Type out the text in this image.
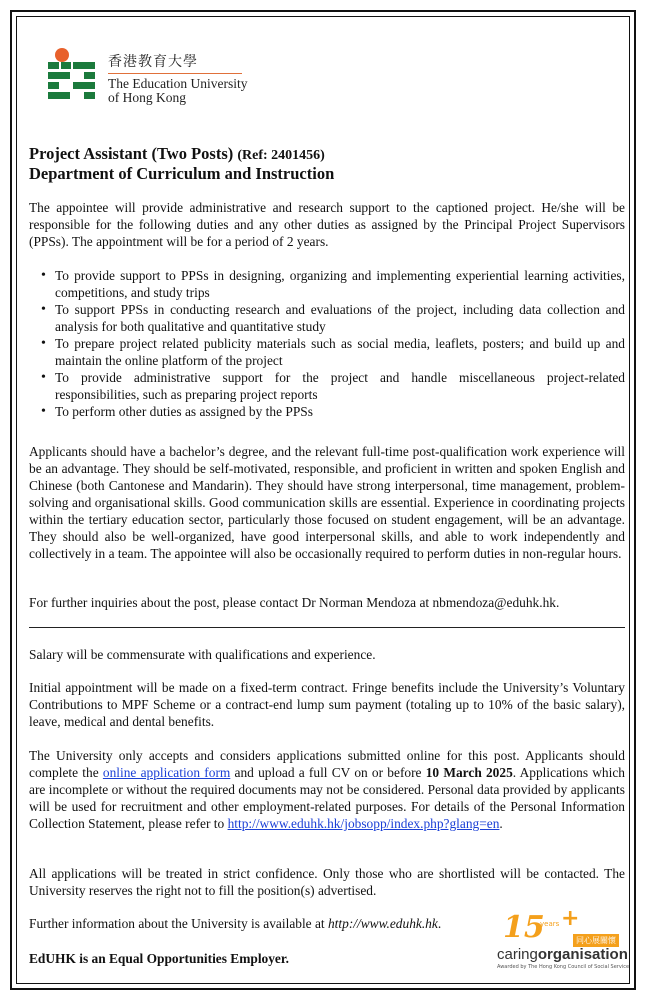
香港教育大學
The Education University
of Hong Kong
Project Assistant (Two Posts) (Ref: 2401456)
Department of Curriculum and Instruction

The appointee will provide administrative and research support to the captioned project. He/she will be responsible for the following duties and any other duties as assigned by the Principal Project Supervisors (PPSs). The appointment will be for a period of 2 years.

• To provide support to PPSs in designing, organizing and implementing experiential learning activities, competitions, and study trips
• To support PPSs in conducting research and evaluations of the project, including data collection and analysis for both qualitative and quantitative study
• To prepare project related publicity materials such as social media, leaflets, posters; and build up and maintain the online platform of the project
• To provide administrative support for the project and handle miscellaneous project-related responsibilities, such as preparing project reports
• To perform other duties as assigned by the PPSs

Applicants should have a bachelor’s degree, and the relevant full-time post-qualification work experience will be an advantage. They should be self-motivated, responsible, and proficient in written and spoken English and Chinese (both Cantonese and Mandarin). They should have strong interpersonal, time management, problem-solving and organisational skills. Good communication skills are essential. Experience in coordinating projects within the tertiary education sector, particularly those focused on student engagement, will be an advantage. They should also be well-organized, have good interpersonal skills, and able to work independently and collectively in a team. The appointee will also be occasionally required to perform duties in non-regular hours.

For further inquiries about the post, please contact Dr Norman Mendoza at nbmendoza@eduhk.hk.

Salary will be commensurate with qualifications and experience.

Initial appointment will be made on a fixed-term contract. Fringe benefits include the University’s Voluntary Contributions to MPF Scheme or a contract-end lump sum payment (totaling up to 10% of the basic salary), leave, medical and dental benefits.

The University only accepts and considers applications submitted online for this post. Applicants should complete the online application form and upload a full CV on or before 10 March 2025. Applications which are incomplete or without the required documents may not be considered. Personal data provided by applicants will be used for recruitment and other employment-related purposes. For details of the Personal Information Collection Statement, please refer to http://www.eduhk.hk/jobsopp/index.php?glang=en.

All applications will be treated in strict confidence. Only those who are shortlisted will be contacted. The University reserves the right not to fill the position(s) advertised.

Further information about the University is available at http://www.eduhk.hk.

EdUHK is an Equal Opportunities Employer.

15
years +
同心展關懷
caringorganisation
Awarded by The Hong Kong Council of Social Service
